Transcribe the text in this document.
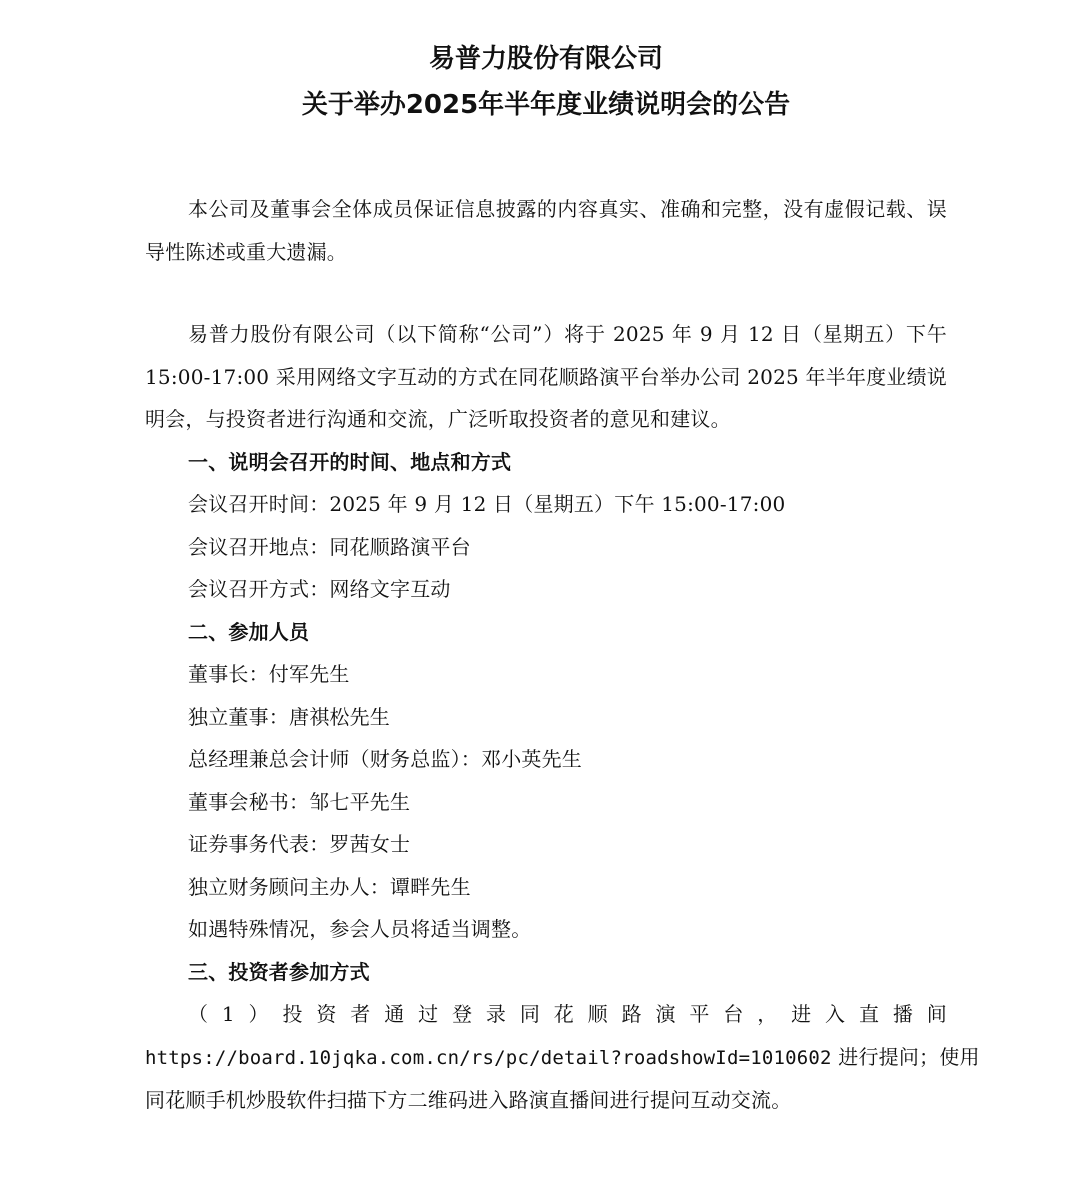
易普力股份有限公司
关于举办2025年半年度业绩说明会的公告

本公司及董事会全体成员保证信息披露的内容真实、准确和完整，没有虚假记载、误导性陈述或重大遗漏。

易普力股份有限公司（以下简称“公司”）将于 2025 年 9 月 12 日（星期五）下午 15:00-17:00 采用网络文字互动的方式在同花顺路演平台举办公司 2025 年半年度业绩说明会，与投资者进行沟通和交流，广泛听取投资者的意见和建议。

一、说明会召开的时间、地点和方式

会议召开时间：2025 年 9 月 12 日（星期五）下午 15:00-17:00

会议召开地点：同花顺路演平台

会议召开方式：网络文字互动

二、参加人员

董事长：付军先生

独立董事：唐祺松先生

总经理兼总会计师（财务总监）：邓小英先生

董事会秘书：邹七平先生

证券事务代表：罗茜女士

独立财务顾问主办人：谭畔先生

如遇特殊情况，参会人员将适当调整。

三、投资者参加方式

（1）投资者通过登录同花顺路演平台，进入直播间

https://board.10jqka.com.cn/rs/pc/detail?roadshowId=1010602 进行提问；使用

同花顺手机炒股软件扫描下方二维码进入路演直播间进行提问互动交流。
